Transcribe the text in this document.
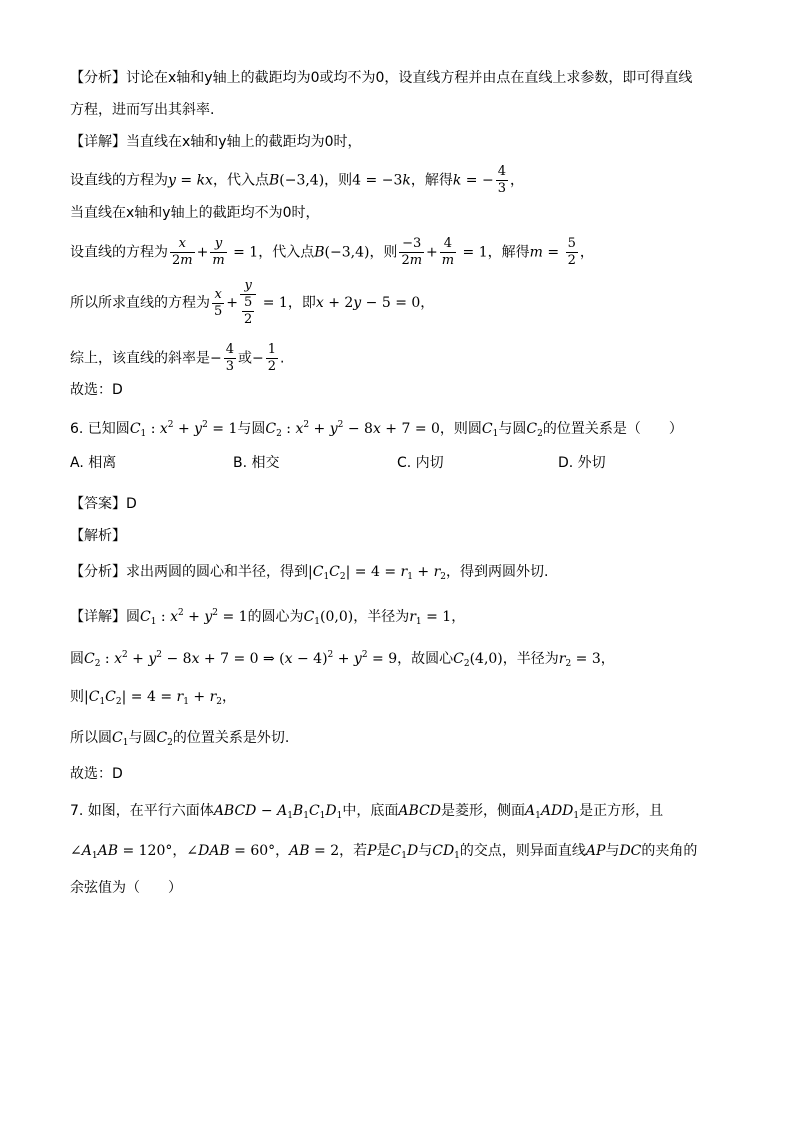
【分析】讨论在x轴和y轴上的截距均为0或均不为0，设直线方程并由点在直线上求参数，即可得直线
方程，进而写出其斜率.
【详解】当直线在x轴和y轴上的截距均为0时，
设直线的方程为y = kx，代入点B(−3,4)，则4 = −3k，解得k = − $\frac{4}{3}$ ，
当直线在x轴和y轴上的截距均不为0时，
设直线的方程为 $\frac{x}{2m} + \frac{y}{m} = 1$，代入点B(−3,4)，则 $\frac{-3}{2m} + \frac{4}{m} = 1$，解得$m = \frac{5}{2}$ ，
所以所求直线的方程为 $\frac{x}{5} + \frac{y}{\frac{5}{2}} = 1$，即x + 2y − 5 = 0，
综上，该直线的斜率是− $\frac{4}{3}$ 或− $\frac{1}{2}$ .
故选：D
6. 已知圆$C_1$ : $x^2 + y^2 = 1$与圆$C_2$ : $x^2 + y^2 - 8x + 7 = 0$，则圆$C_1$与圆$C_2$的位置关系是（　　）
A. 相离	B. 相交	C. 内切	D. 外切
【答案】D
【解析】
【分析】求出两圆的圆心和半径，得到$|C_1C_2| = 4 = r_1 + r_2$，得到两圆外切.
【详解】圆$C_1$ : $x^2 + y^2 = 1$的圆心为$C_1(0,0)$，半径为$r_1 = 1$，
圆$C_2$ : $x^2 + y^2 - 8x + 7 = 0$ ⇒ $(x - 4)^2 + y^2 = 9$，故圆心$C_2(4,0)$，半径为$r_2 = 3$，
则$|C_1C_2| = 4 = r_1 + r_2$，
所以圆$C_1$与圆$C_2$的位置关系是外切.
故选：D
7. 如图，在平行六面体ABCD − $A_1B_1C_1D_1$中，底面ABCD是菱形，侧面$A_1ADD_1$是正方形，且
$\angle A_1AB = 120^\circ$，∠DAB = 60°，AB = 2，若P是$C_1D$与$CD_1$的交点，则异面直线AP与DC的夹角的
余弦值为（　　）
